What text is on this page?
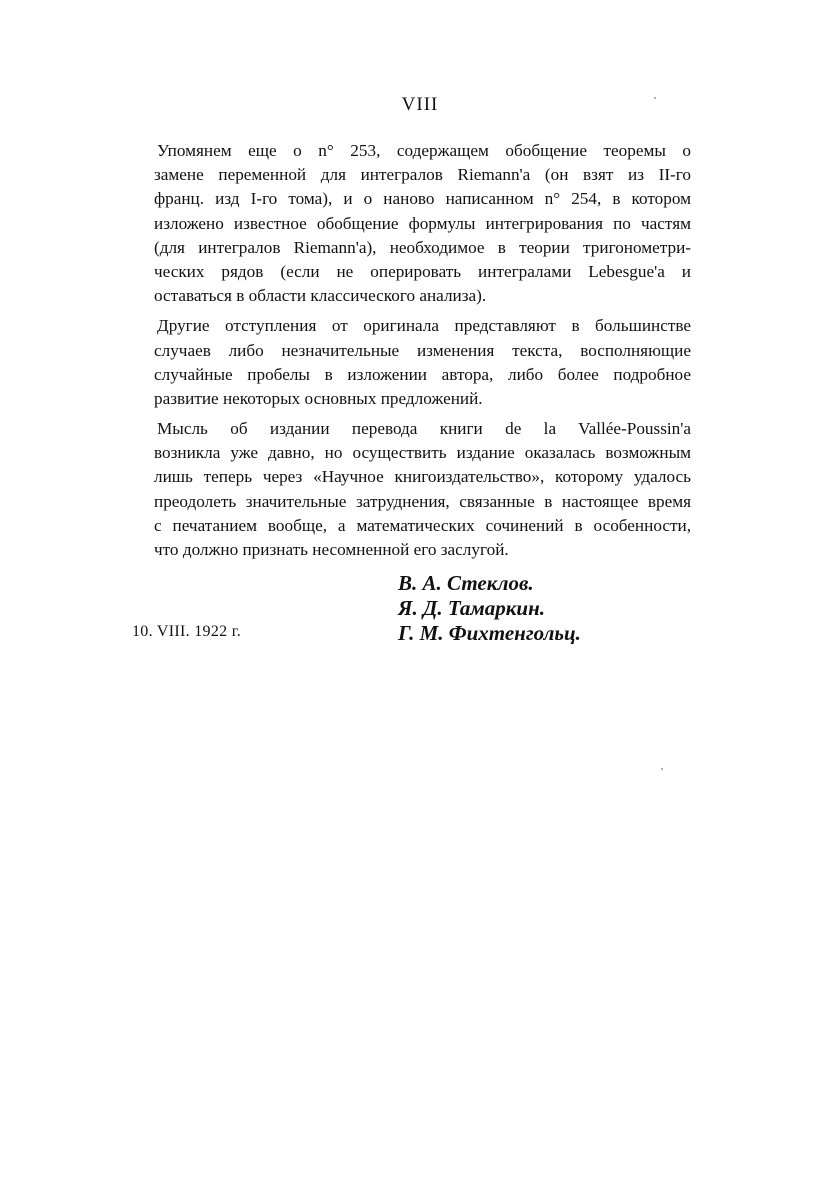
VIII
Упомянем еще о n° 253, содержащем обобщение теоремы о
замене переменной для интегралов Riemann'а (он взят из II-го
франц. изд I-го тома), и о наново написанном n° 254, в котором
изложено известное обобщение формулы интегрирования по частям
(для интегралов Riemann'а), необходимое в теории тригонометри-
ческих рядов (если не оперировать интегралами Lebesgue'а и
оставаться в области классического анализа).
Другие отступления от оригинала представляют в большинстве
случаев либо незначительные изменения текста, восполняющие
случайные пробелы в изложении автора, либо более подробное
развитие некоторых основных предложений.
Мысль об издании перевода книги de la Vallée-Poussin'а
возникла уже давно, но осуществить издание оказалась возможным
лишь теперь через «Научное книгоиздательство», которому удалось
преодолеть значительные затруднения, связанные в настоящее время
с печатанием вообще, а математических сочинений в особенности,
что должно признать несомненной его заслугой.
10. VIII. 1922 г.
В. А. Стеклов.
Я. Д. Тамаркин.
Г. М. Фихтенгольц.
